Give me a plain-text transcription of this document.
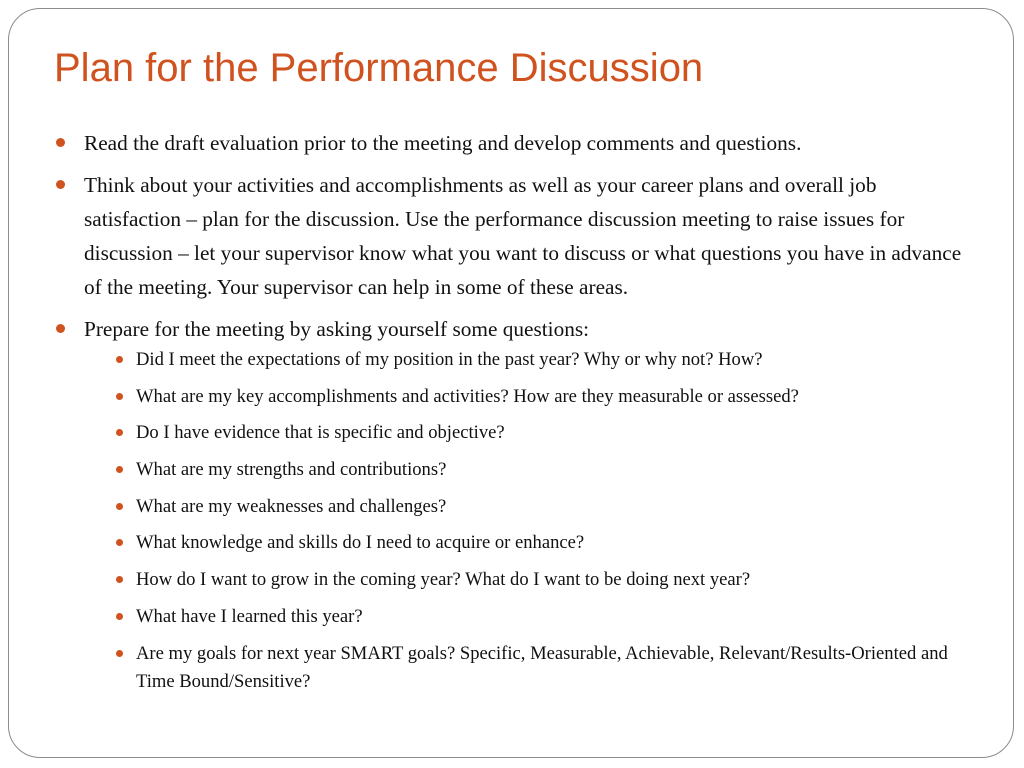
Plan for the Performance Discussion
Read the draft evaluation prior to the meeting and develop comments and questions.
Think about your activities and accomplishments as well as your career plans and overall job satisfaction – plan for the discussion. Use the performance discussion meeting to raise issues for discussion – let your supervisor know what you want to discuss or what questions you have in advance of the meeting. Your supervisor can help in some of these areas.
Prepare for the meeting by asking yourself some questions:
Did I meet the expectations of my position in the past year? Why or why not? How?
What are my key accomplishments and activities? How are they measurable or assessed?
Do I have evidence that is specific and objective?
What are my strengths and contributions?
What are my weaknesses and challenges?
What knowledge and skills do I need to acquire or enhance?
How do I want to grow in the coming year? What do I want to be doing next year?
What have I learned this year?
Are my goals for next year SMART goals? Specific, Measurable, Achievable, Relevant/Results-Oriented and Time Bound/Sensitive?
